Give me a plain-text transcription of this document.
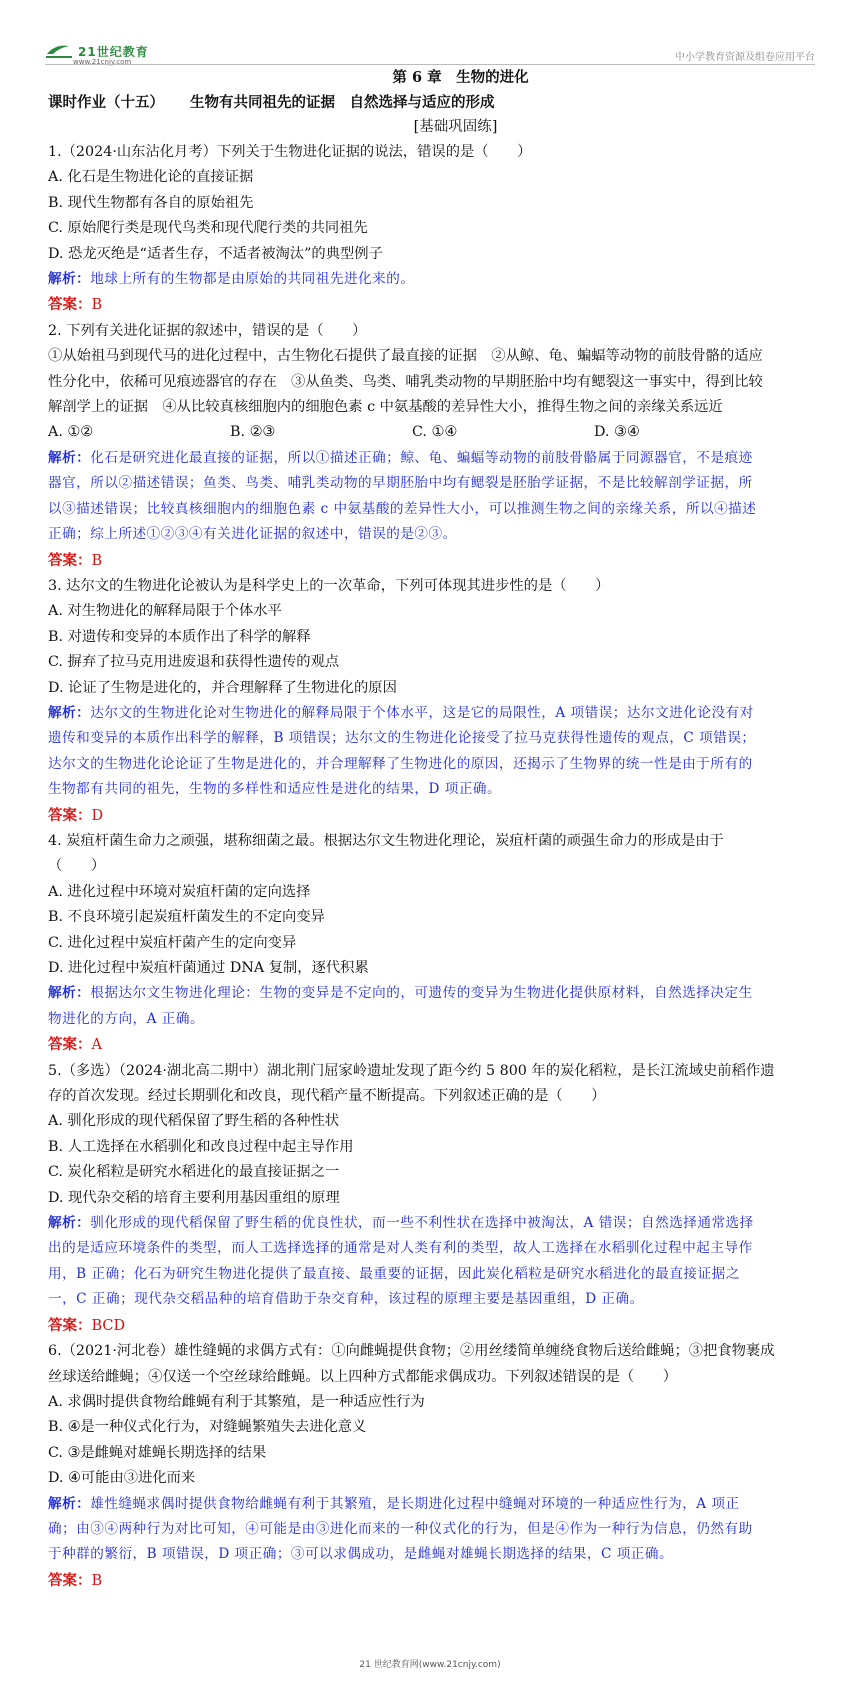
21世纪教育
www.21cnjy.com	中小学教育资源及组卷应用平台
第 6 章　生物的进化
课时作业（十五） 生物有共同祖先的证据　自然选择与适应的形成
[基础巩固练]
1.（2024·山东沾化月考）下列关于生物进化证据的说法，错误的是（　　）
A. 化石是生物进化论的直接证据
B. 现代生物都有各自的原始祖先
C. 原始爬行类是现代鸟类和现代爬行类的共同祖先
D. 恐龙灭绝是“适者生存，不适者被淘汰”的典型例子
解析：地球上所有的生物都是由原始的共同祖先进化来的。
答案：B
2. 下列有关进化证据的叙述中，错误的是（　　）
①从始祖马到现代马的进化过程中，古生物化石提供了最直接的证据　②从鲸、龟、蝙蝠等动物的前肢骨骼的适应
性分化中，依稀可见痕迹器官的存在　③从鱼类、鸟类、哺乳类动物的早期胚胎中均有鳃裂这一事实中，得到比较
解剖学上的证据　④从比较真核细胞内的细胞色素 c 中氨基酸的差异性大小，推得生物之间的亲缘关系远近
A. ①②	B. ②③	C. ①④	D. ③④
解析：化石是研究进化最直接的证据，所以①描述正确；鲸、龟、蝙蝠等动物的前肢骨骼属于同源器官，不是痕迹
器官，所以②描述错误；鱼类、鸟类、哺乳类动物的早期胚胎中均有鳃裂是胚胎学证据，不是比较解剖学证据，所
以③描述错误；比较真核细胞内的细胞色素 c 中氨基酸的差异性大小，可以推测生物之间的亲缘关系，所以④描述
正确；综上所述①②③④有关进化证据的叙述中，错误的是②③。
答案：B
3. 达尔文的生物进化论被认为是科学史上的一次革命，下列可体现其进步性的是（　　）
A. 对生物进化的解释局限于个体水平
B. 对遗传和变异的本质作出了科学的解释
C. 摒弃了拉马克用进废退和获得性遗传的观点
D. 论证了生物是进化的，并合理解释了生物进化的原因
解析：达尔文的生物进化论对生物进化的解释局限于个体水平，这是它的局限性，A 项错误；达尔文进化论没有对
遗传和变异的本质作出科学的解释，B 项错误；达尔文的生物进化论接受了拉马克获得性遗传的观点，C 项错误；
达尔文的生物进化论论证了生物是进化的，并合理解释了生物进化的原因，还揭示了生物界的统一性是由于所有的
生物都有共同的祖先，生物的多样性和适应性是进化的结果，D 项正确。
答案：D
4. 炭疽杆菌生命力之顽强，堪称细菌之最。根据达尔文生物进化理论，炭疽杆菌的顽强生命力的形成是由于
（　　）
A. 进化过程中环境对炭疽杆菌的定向选择
B. 不良环境引起炭疽杆菌发生的不定向变异
C. 进化过程中炭疽杆菌产生的定向变异
D. 进化过程中炭疽杆菌通过 DNA 复制，逐代积累
解析：根据达尔文生物进化理论：生物的变异是不定向的，可遗传的变异为生物进化提供原材料，自然选择决定生
物进化的方向，A 正确。
答案：A
5.（多选）（2024·湖北高二期中）湖北荆门屈家岭遗址发现了距今约 5 800 年的炭化稻粒，是长江流域史前稻作遗
存的首次发现。经过长期驯化和改良，现代稻产量不断提高。下列叙述正确的是（　　）
A. 驯化形成的现代稻保留了野生稻的各种性状
B. 人工选择在水稻驯化和改良过程中起主导作用
C. 炭化稻粒是研究水稻进化的最直接证据之一
D. 现代杂交稻的培育主要利用基因重组的原理
解析：驯化形成的现代稻保留了野生稻的优良性状，而一些不利性状在选择中被淘汰，A 错误；自然选择通常选择
出的是适应环境条件的类型，而人工选择选择的通常是对人类有利的类型，故人工选择在水稻驯化过程中起主导作
用，B 正确；化石为研究生物进化提供了最直接、最重要的证据，因此炭化稻粒是研究水稻进化的最直接证据之
一，C 正确；现代杂交稻品种的培育借助于杂交育种，该过程的原理主要是基因重组，D 正确。
答案：BCD
6.（2021·河北卷）雄性缝蝇的求偶方式有：①向雌蝇提供食物；②用丝缕简单缠绕食物后送给雌蝇；③把食物裹成
丝球送给雌蝇；④仅送一个空丝球给雌蝇。以上四种方式都能求偶成功。下列叙述错误的是（　　）
A. 求偶时提供食物给雌蝇有利于其繁殖，是一种适应性行为
B. ④是一种仪式化行为，对缝蝇繁殖失去进化意义
C. ③是雌蝇对雄蝇长期选择的结果
D. ④可能由③进化而来
解析：雄性缝蝇求偶时提供食物给雌蝇有利于其繁殖，是长期进化过程中缝蝇对环境的一种适应性行为，A 项正
确；由③④两种行为对比可知，④可能是由③进化而来的一种仪式化的行为，但是④作为一种行为信息，仍然有助
于种群的繁衍，B 项错误，D 项正确；③可以求偶成功，是雌蝇对雄蝇长期选择的结果，C 项正确。
答案：B
21 世纪教育网(www.21cnjy.com)
